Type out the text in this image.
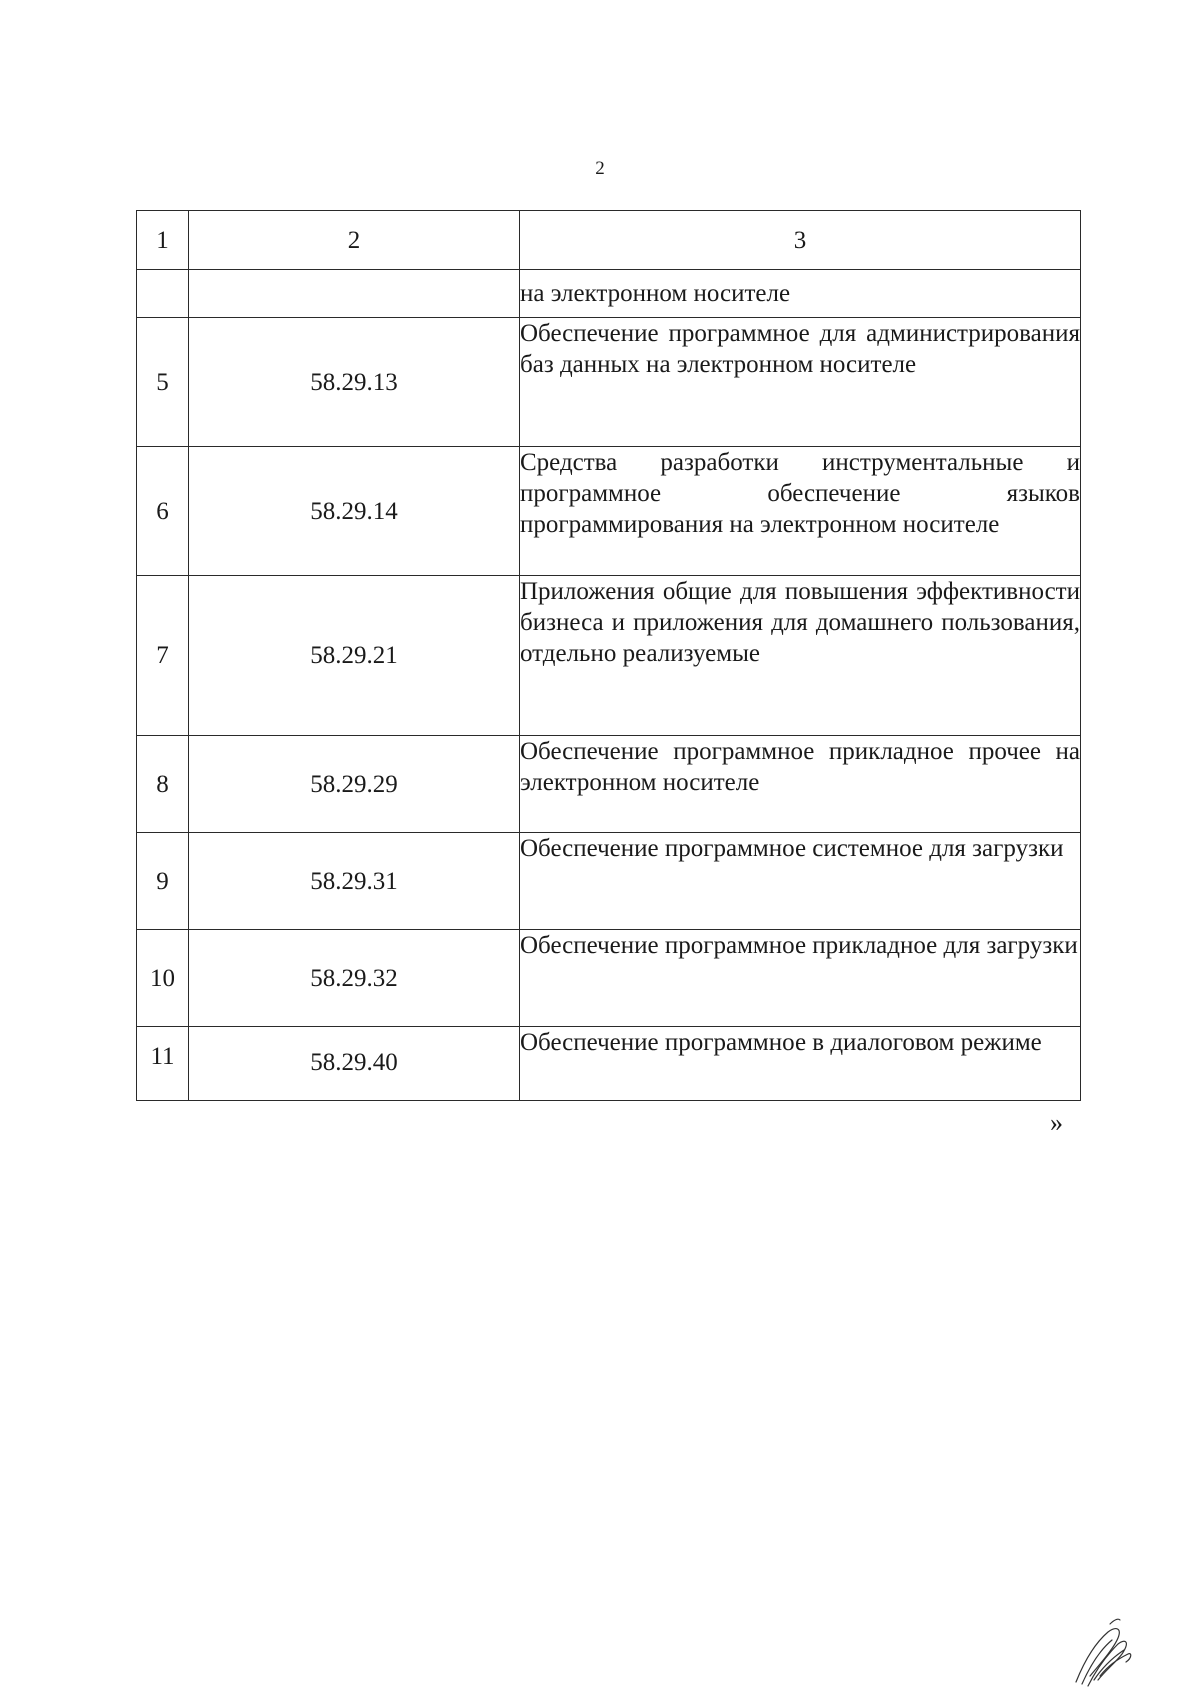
2
1	2	3
		на электронном носителе
5	58.29.13	Обеспечение программное для администрирования баз данных на электронном носителе
6	58.29.14	Средства разработки инструментальные и программное обеспечение языков программирования на электронном носителе
7	58.29.21	Приложения общие для повышения эффективности бизнеса и приложения для домашнего пользования, отдельно реализуемые
8	58.29.29	Обеспечение программное прикладное прочее на электронном носителе
9	58.29.31	Обеспечение программное системное для загрузки
10	58.29.32	Обеспечение программное прикладное для загрузки
11	58.29.40	Обеспечение программное в диалоговом режиме
»
